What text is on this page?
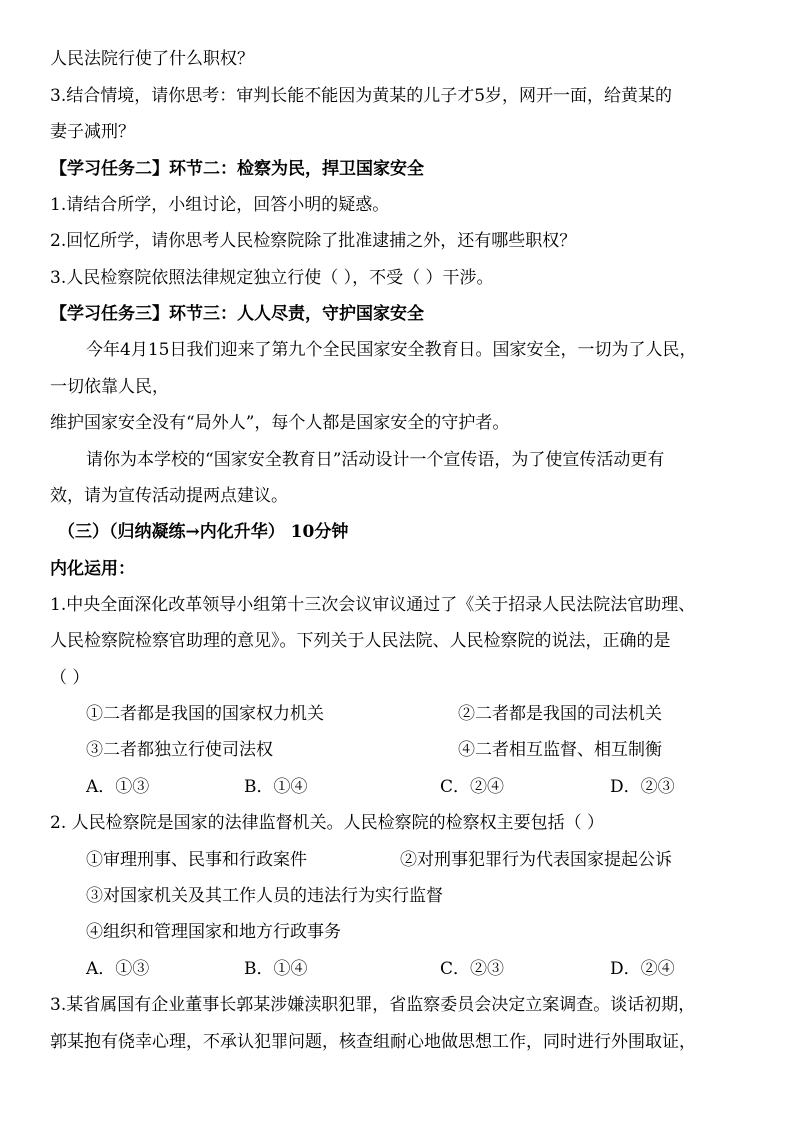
人民法院行使了什么职权？
3.结合情境，请你思考：审判长能不能因为黄某的儿子才5岁，网开一面，给黄某的
妻子减刑？
【学习任务二】环节二：检察为民，捍卫国家安全
1.请结合所学，小组讨论，回答小明的疑惑。
2.回忆所学，请你思考人民检察院除了批准逮捕之外，还有哪些职权？
3.人民检察院依照法律规定独立行使（ ），不受（ ）干涉。
【学习任务三】环节三：人人尽责，守护国家安全
今年4月15日我们迎来了第九个全民国家安全教育日。国家安全，一切为了人民，
一切依靠人民，
维护国家安全没有“局外人”，每个人都是国家安全的守护者。
请你为本学校的“国家安全教育日”活动设计一个宣传语，为了使宣传活动更有
效，请为宣传活动提两点建议。
（三）（归纳凝练→内化升华） 10分钟
内化运用：
1.中央全面深化改革领导小组第十三次会议审议通过了《关于招录人民法院法官助理、
人民检察院检察官助理的意见》。下列关于人民法院、人民检察院的说法，正确的是
（ ）
①二者都是我国的国家权力机关	②二者都是我国的司法机关
③二者都独立行使司法权	④二者相互监督、相互制衡
A．①③	B．①④	C．②④	D．②③
2. 人民检察院是国家的法律监督机关。人民检察院的检察权主要包括（ ）
①审理刑事、民事和行政案件	②对刑事犯罪行为代表国家提起公诉
③对国家机关及其工作人员的违法行为实行监督
④组织和管理国家和地方行政事务
A．①③	B．①④	C．②③	D．②④
3.某省属国有企业董事长郭某涉嫌渎职犯罪，省监察委员会决定立案调查。谈话初期，
郭某抱有侥幸心理，不承认犯罪问题，核查组耐心地做思想工作，同时进行外围取证，
